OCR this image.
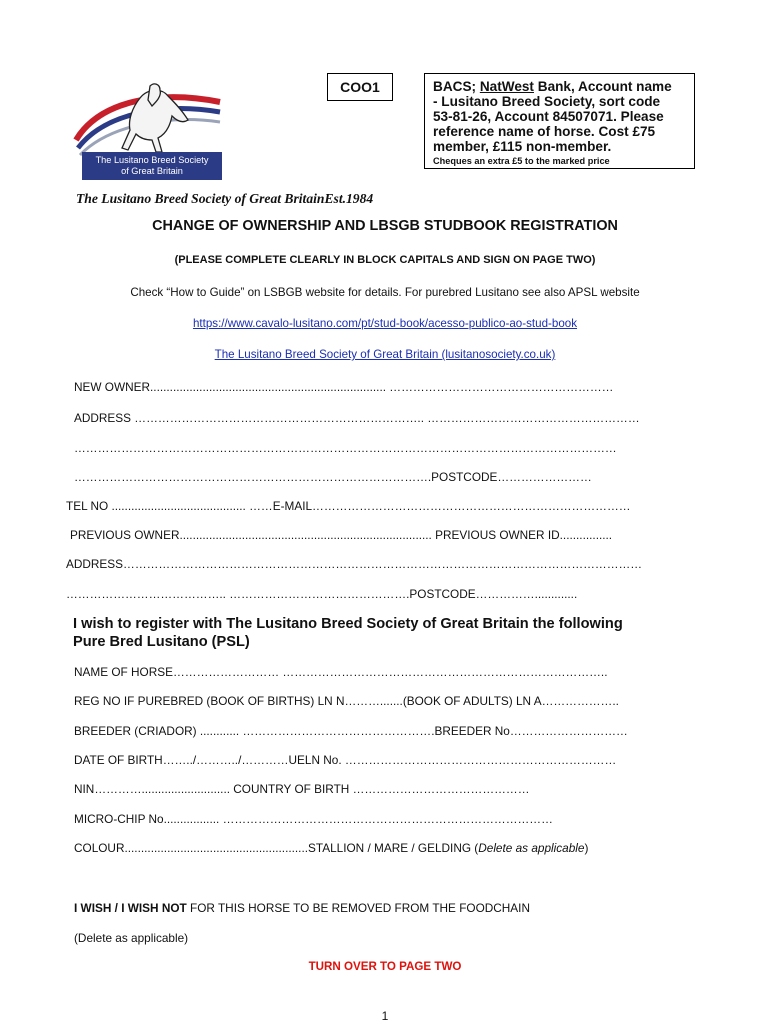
The Lusitano Breed Society
of Great Britain
COO1	BACS; NatWest Bank, Account name
- Lusitano Breed Society, sort code
53-81-26, Account 84507071. Please
reference name of horse. Cost £75
member, £115 non-member.
Cheques an extra £5 to the marked price
The Lusitano Breed Society of Great BritainEst.1984
CHANGE OF OWNERSHIP AND LBSGB STUDBOOK REGISTRATION
(PLEASE COMPLETE CLEARLY IN BLOCK CAPITALS AND SIGN ON PAGE TWO)
Check “How to Guide” on LSBGB website for details. For purebred Lusitano see also APSL website
https://www.cavalo-lusitano.com/pt/stud-book/acesso-publico-ao-stud-book
The Lusitano Breed Society of Great Britain (lusitanosociety.co.uk)
NEW OWNER........................................................................ …………………………………………………
ADDRESS ……………………………………………………………….. ………………………………………………
…………………………………………………………………………………………………………………………
……………………………………………………………………………….POSTCODE……………………
TEL NO ......................................... ……E-MAIL………………………………………………………………………
PREVIOUS OWNER............................................................................. PREVIOUS OWNER ID................
ADDRESS……………………………………………………………………………………………………………………
………………………………….. ……………………………………….POSTCODE…………….............
I wish to register with The Lusitano Breed Society of Great Britain the following
Pure Bred Lusitano (PSL)
NAME OF HORSE……………………… ………………………………………………………………………..
REG NO IF PUREBRED (BOOK OF BIRTHS) LN N……….......(BOOK OF ADULTS) LN A………………..
BREEDER (CRIADOR) ............ ………………………………………….BREEDER No…………………………
DATE OF BIRTH……../………../…………UELN No. ……………………………………………………………
NIN…………........................... COUNTRY OF BIRTH ………………………………………
MICRO-CHIP No................. …………………………………………………………………………
COLOUR........................................................STALLION / MARE / GELDING (Delete as applicable)
I WISH / I WISH NOT FOR THIS HORSE TO BE REMOVED FROM THE FOODCHAIN
(Delete as applicable)
TURN OVER TO PAGE TWO
1
